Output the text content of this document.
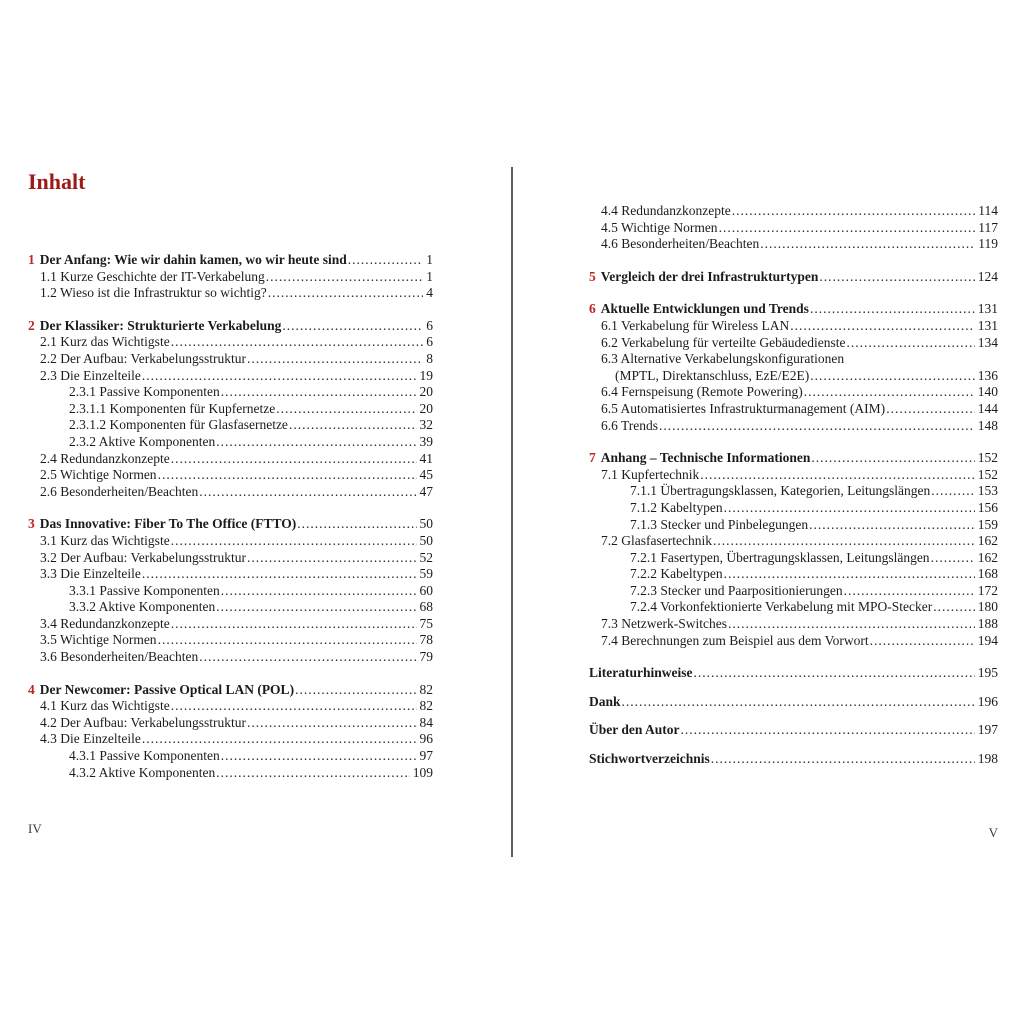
Inhalt
1 Der Anfang: Wie wir dahin kamen, wo wir heute sind .....	1
1.1 Kurze Geschichte der IT-Verkabelung .....	1
1.2 Wieso ist die Infrastruktur so wichtig? .....	4
2 Der Klassiker: Strukturierte Verkabelung .....	6
2.1 Kurz das Wichtigste .....	6
2.2 Der Aufbau: Verkabelungsstruktur .....	8
2.3 Die Einzelteile .....	19
2.3.1 Passive Komponenten .....	20
2.3.1.1 Komponenten für Kupfernetze .....	20
2.3.1.2 Komponenten für Glasfasernetze .....	32
2.3.2 Aktive Komponenten .....	39
2.4 Redundanzkonzepte .....	41
2.5 Wichtige Normen .....	45
2.6 Besonderheiten/Beachten .....	47
3 Das Innovative: Fiber To The Office (FTTO) .....	50
3.1 Kurz das Wichtigste .....	50
3.2 Der Aufbau: Verkabelungsstruktur .....	52
3.3 Die Einzelteile .....	59
3.3.1 Passive Komponenten .....	60
3.3.2 Aktive Komponenten .....	68
3.4 Redundanzkonzepte .....	75
3.5 Wichtige Normen .....	78
3.6 Besonderheiten/Beachten .....	79
4 Der Newcomer: Passive Optical LAN (POL) .....	82
4.1 Kurz das Wichtigste .....	82
4.2 Der Aufbau: Verkabelungsstruktur .....	84
4.3 Die Einzelteile .....	96
4.3.1 Passive Komponenten .....	97
4.3.2 Aktive Komponenten .....	109
4.4 Redundanzkonzepte .....	114
4.5 Wichtige Normen .....	117
4.6 Besonderheiten/Beachten .....	119
5 Vergleich der drei Infrastrukturtypen .....	124
6 Aktuelle Entwicklungen und Trends .....	131
6.1 Verkabelung für Wireless LAN .....	131
6.2 Verkabelung für verteilte Gebäudedienste .....	134
6.3 Alternative Verkabelungskonfigurationen
(MPTL, Direktanschluss, EzE/E2E) .....	136
6.4 Fernspeisung (Remote Powering) .....	140
6.5 Automatisiertes Infrastrukturmanagement (AIM) .....	144
6.6 Trends .....	148
7 Anhang – Technische Informationen .....	152
7.1 Kupfertechnik .....	152
7.1.1 Übertragungsklassen, Kategorien, Leitungslängen .....	153
7.1.2 Kabeltypen .....	156
7.1.3 Stecker und Pinbelegungen .....	159
7.2 Glasfasertechnik .....	162
7.2.1 Fasertypen, Übertragungsklassen, Leitungslängen .....	162
7.2.2 Kabeltypen .....	168
7.2.3 Stecker und Paarpositionierungen .....	172
7.2.4 Vorkonfektionierte Verkabelung mit MPO-Stecker .....	180
7.3 Netzwerk-Switches .....	188
7.4 Berechnungen zum Beispiel aus dem Vorwort .....	194
Literaturhinweise .....	195
Dank .....	196
Über den Autor .....	197
Stichwortverzeichnis .....	198
IV	V
